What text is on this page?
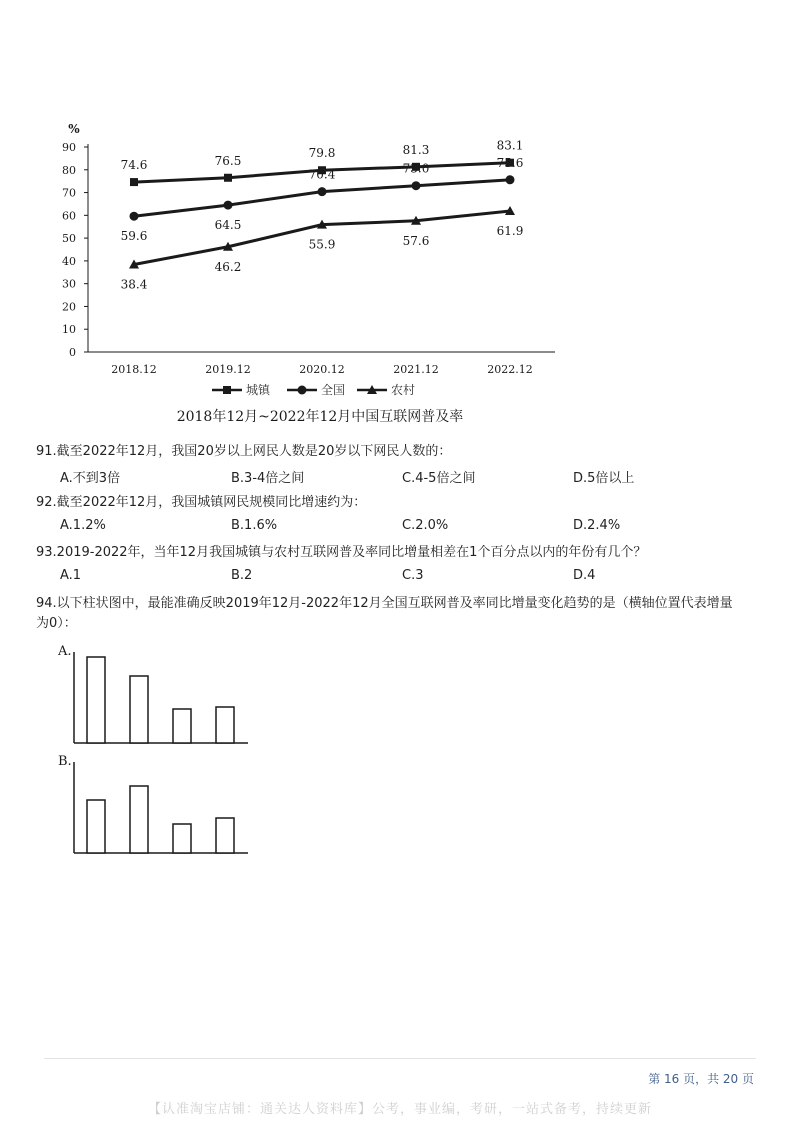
%
0
10
20
30
40
50
60
70
80
90
2018.12	2019.12	2020.12	2021.12	2022.12
74.6	76.5
79.8	81.3	83.1
59.6
64.5
70.4	73.0	75.6
38.4
46.2
55.9	57.6
61.9
城镇	全国	农村
2018年12月~2022年12月中国互联网普及率
91.截至2022年12月，我国20岁以上网民人数是20岁以下网民人数的：
A.不到3倍	B.3-4倍之间	C.4-5倍之间	D.5倍以上
92.截至2022年12月，我国城镇网民规模同比增速约为：
A.1.2%	B.1.6%	C.2.0%	D.2.4%
93.2019-2022年，当年12月我国城镇与农村互联网普及率同比增量相差在1个百分点以内的年份有几个？
A.1	B.2	C.3	D.4
94.以下柱状图中，最能准确反映2019年12月-2022年12月全国互联网普及率同比增量变化趋势的是（横轴位置代表增量为0）：
A.
B.
第 16 页，共 20 页
【认准淘宝店铺：通关达人资料库】公考，事业编，考研，一站式备考，持续更新
